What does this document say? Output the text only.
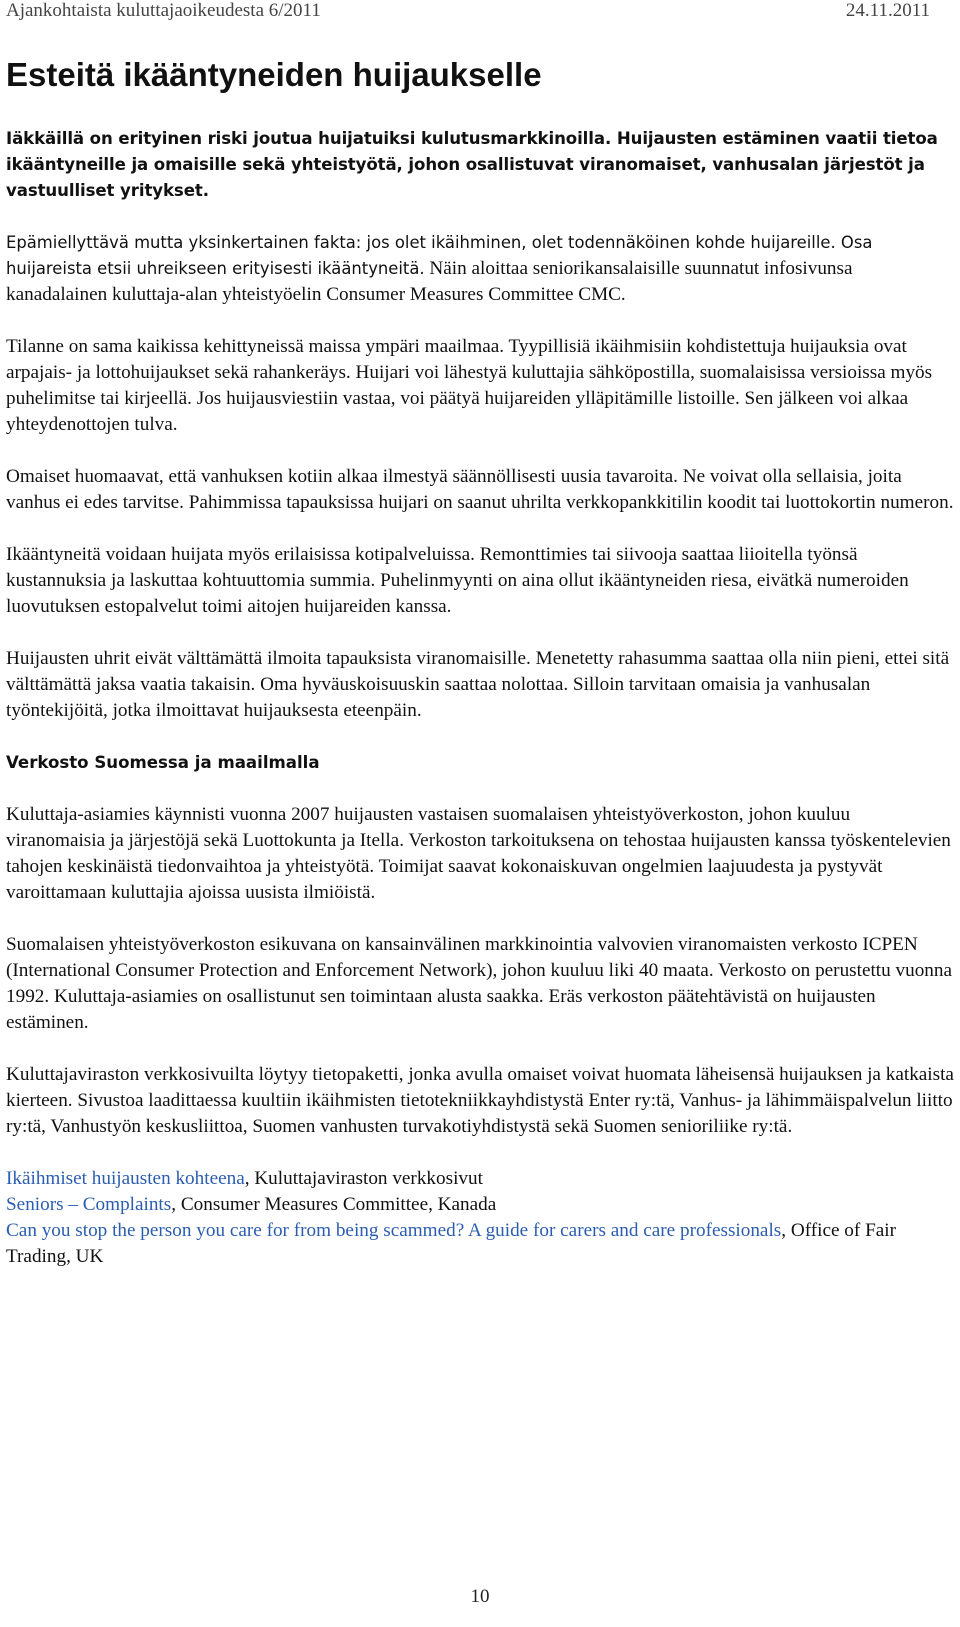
Ajankohtaista kuluttajaoikeudesta 6/2011	24.11.2011
Esteitä ikääntyneiden huijaukselle

Iäkkäillä on erityinen riski joutua huijatuiksi kulutusmarkkinoilla. Huijausten estäminen vaatii tietoa ikääntyneille ja omaisille sekä yhteistyötä, johon osallistuvat viranomaiset, vanhusalan järjestöt ja vastuulliset yritykset.

Epämiellyttävä mutta yksinkertainen fakta: jos olet ikäihminen, olet todennäköinen kohde huijareille. Osa huijareista etsii uhreikseen erityisesti ikääntyneitä. Näin aloittaa seniorikansalaisille suunnatut infosivunsa kanadalainen kuluttaja-alan yhteistyöelin Consumer Measures Committee CMC.

Tilanne on sama kaikissa kehittyneissä maissa ympäri maailmaa. Tyypillisiä ikäihmisiin kohdistettuja huijauksia ovat arpajais- ja lottohuijaukset sekä rahankeräys. Huijari voi lähestyä kuluttajia sähköpostilla, suomalaisissa versioissa myös puhelimitse tai kirjeellä. Jos huijausviestiin vastaa, voi päätyä huijareiden ylläpitämille listoille. Sen jälkeen voi alkaa yhteydenottojen tulva.

Omaiset huomaavat, että vanhuksen kotiin alkaa ilmestyä säännöllisesti uusia tavaroita. Ne voivat olla sellaisia, joita vanhus ei edes tarvitse. Pahimmissa tapauksissa huijari on saanut uhrilta verkkopankkitilin koodit tai luottokortin numeron.

Ikääntyneitä voidaan huijata myös erilaisissa kotipalveluissa. Remonttimies tai siivooja saattaa liioitella työnsä kustannuksia ja laskuttaa kohtuuttomia summia. Puhelinmyynti on aina ollut ikääntyneiden riesa, eivätkä numeroiden luovutuksen estopalvelut toimi aitojen huijareiden kanssa.

Huijausten uhrit eivät välttämättä ilmoita tapauksista viranomaisille. Menetetty rahasumma saattaa olla niin pieni, ettei sitä välttämättä jaksa vaatia takaisin. Oma hyväuskoisuuskin saattaa nolottaa. Silloin tarvitaan omaisia ja vanhusalan työntekijöitä, jotka ilmoittavat huijauksesta eteenpäin.

Verkosto Suomessa ja maailmalla

Kuluttaja-asiamies käynnisti vuonna 2007 huijausten vastaisen suomalaisen yhteistyöverkoston, johon kuuluu viranomaisia ja järjestöjä sekä Luottokunta ja Itella. Verkoston tarkoituksena on tehostaa huijausten kanssa työskentelevien tahojen keskinäistä tiedonvaihtoa ja yhteistyötä. Toimijat saavat kokonaiskuvan ongelmien laajuudesta ja pystyvät varoittamaan kuluttajia ajoissa uusista ilmiöistä.

Suomalaisen yhteistyöverkoston esikuvana on kansainvälinen markkinointia valvovien viranomaisten verkosto ICPEN (International Consumer Protection and Enforcement Network), johon kuuluu liki 40 maata. Verkosto on perustettu vuonna 1992. Kuluttaja-asiamies on osallistunut sen toimintaan alusta saakka. Eräs verkoston päätehtävistä on huijausten estäminen.

Kuluttajaviraston verkkosivuilta löytyy tietopaketti, jonka avulla omaiset voivat huomata läheisensä huijauksen ja katkaista kierteen. Sivustoa laadittaessa kuultiin ikäihmisten tietotekniikkayhdistystä Enter ry:tä, Vanhus- ja lähimmäispalvelun liitto ry:tä, Vanhustyön keskusliittoa, Suomen vanhusten turvakotiyhdistystä sekä Suomen senioriliike ry:tä.

Ikäihmiset huijausten kohteena, Kuluttajaviraston verkkosivut
Seniors – Complaints, Consumer Measures Committee, Kanada
Can you stop the person you care for from being scammed? A guide for carers and care professionals, Office of Fair Trading, UK
10
